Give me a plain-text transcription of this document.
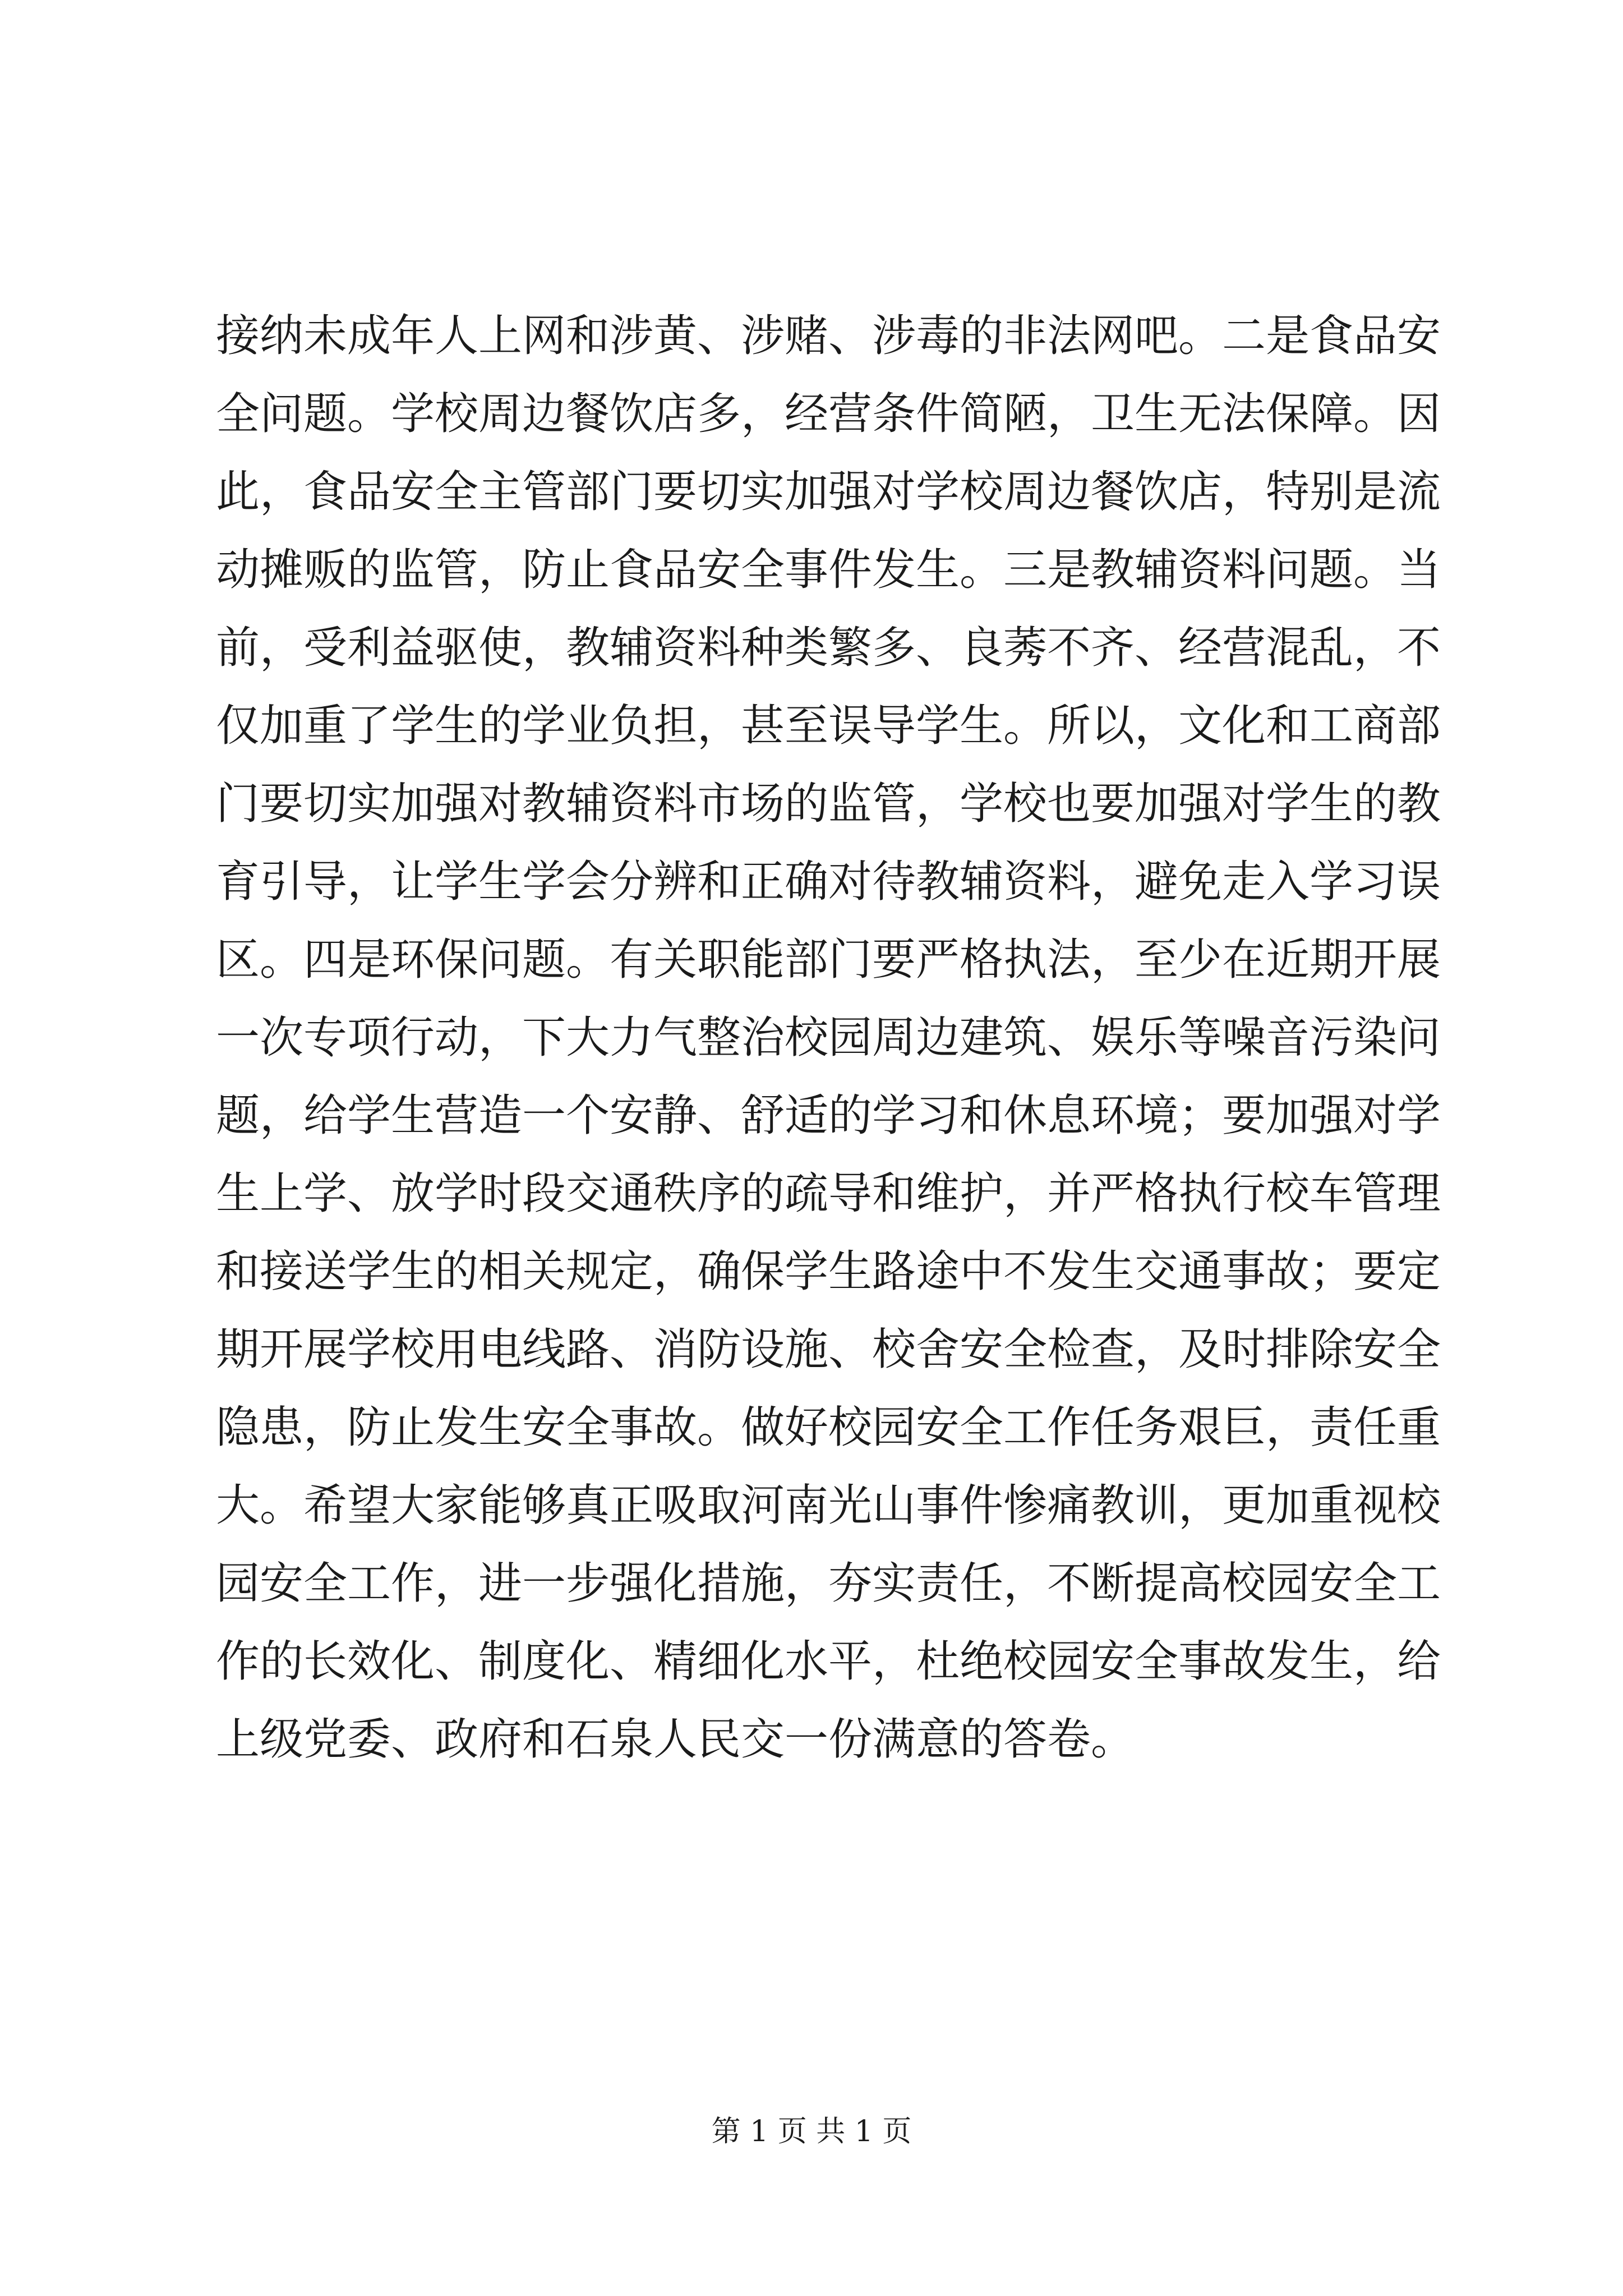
接纳未成年人上网和涉黄、涉赌、涉毒的非法网吧。二是食品安
全问题。学校周边餐饮店多，经营条件简陋，卫生无法保障。因
此，食品安全主管部门要切实加强对学校周边餐饮店，特别是流
动摊贩的监管，防止食品安全事件发生。三是教辅资料问题。当
前，受利益驱使，教辅资料种类繁多、良莠不齐、经营混乱，不
仅加重了学生的学业负担，甚至误导学生。所以，文化和工商部
门要切实加强对教辅资料市场的监管，学校也要加强对学生的教
育引导，让学生学会分辨和正确对待教辅资料，避免走入学习误
区。四是环保问题。有关职能部门要严格执法，至少在近期开展
一次专项行动，下大力气整治校园周边建筑、娱乐等噪音污染问
题，给学生营造一个安静、舒适的学习和休息环境；要加强对学
生上学、放学时段交通秩序的疏导和维护，并严格执行校车管理
和接送学生的相关规定，确保学生路途中不发生交通事故；要定
期开展学校用电线路、消防设施、校舍安全检查，及时排除安全
隐患，防止发生安全事故。做好校园安全工作任务艰巨，责任重
大。希望大家能够真正吸取河南光山事件惨痛教训，更加重视校
园安全工作，进一步强化措施，夯实责任，不断提高校园安全工
作的长效化、制度化、精细化水平，杜绝校园安全事故发生，给
上级党委、政府和石泉人民交一份满意的答卷。
第 1 页 共 1 页
